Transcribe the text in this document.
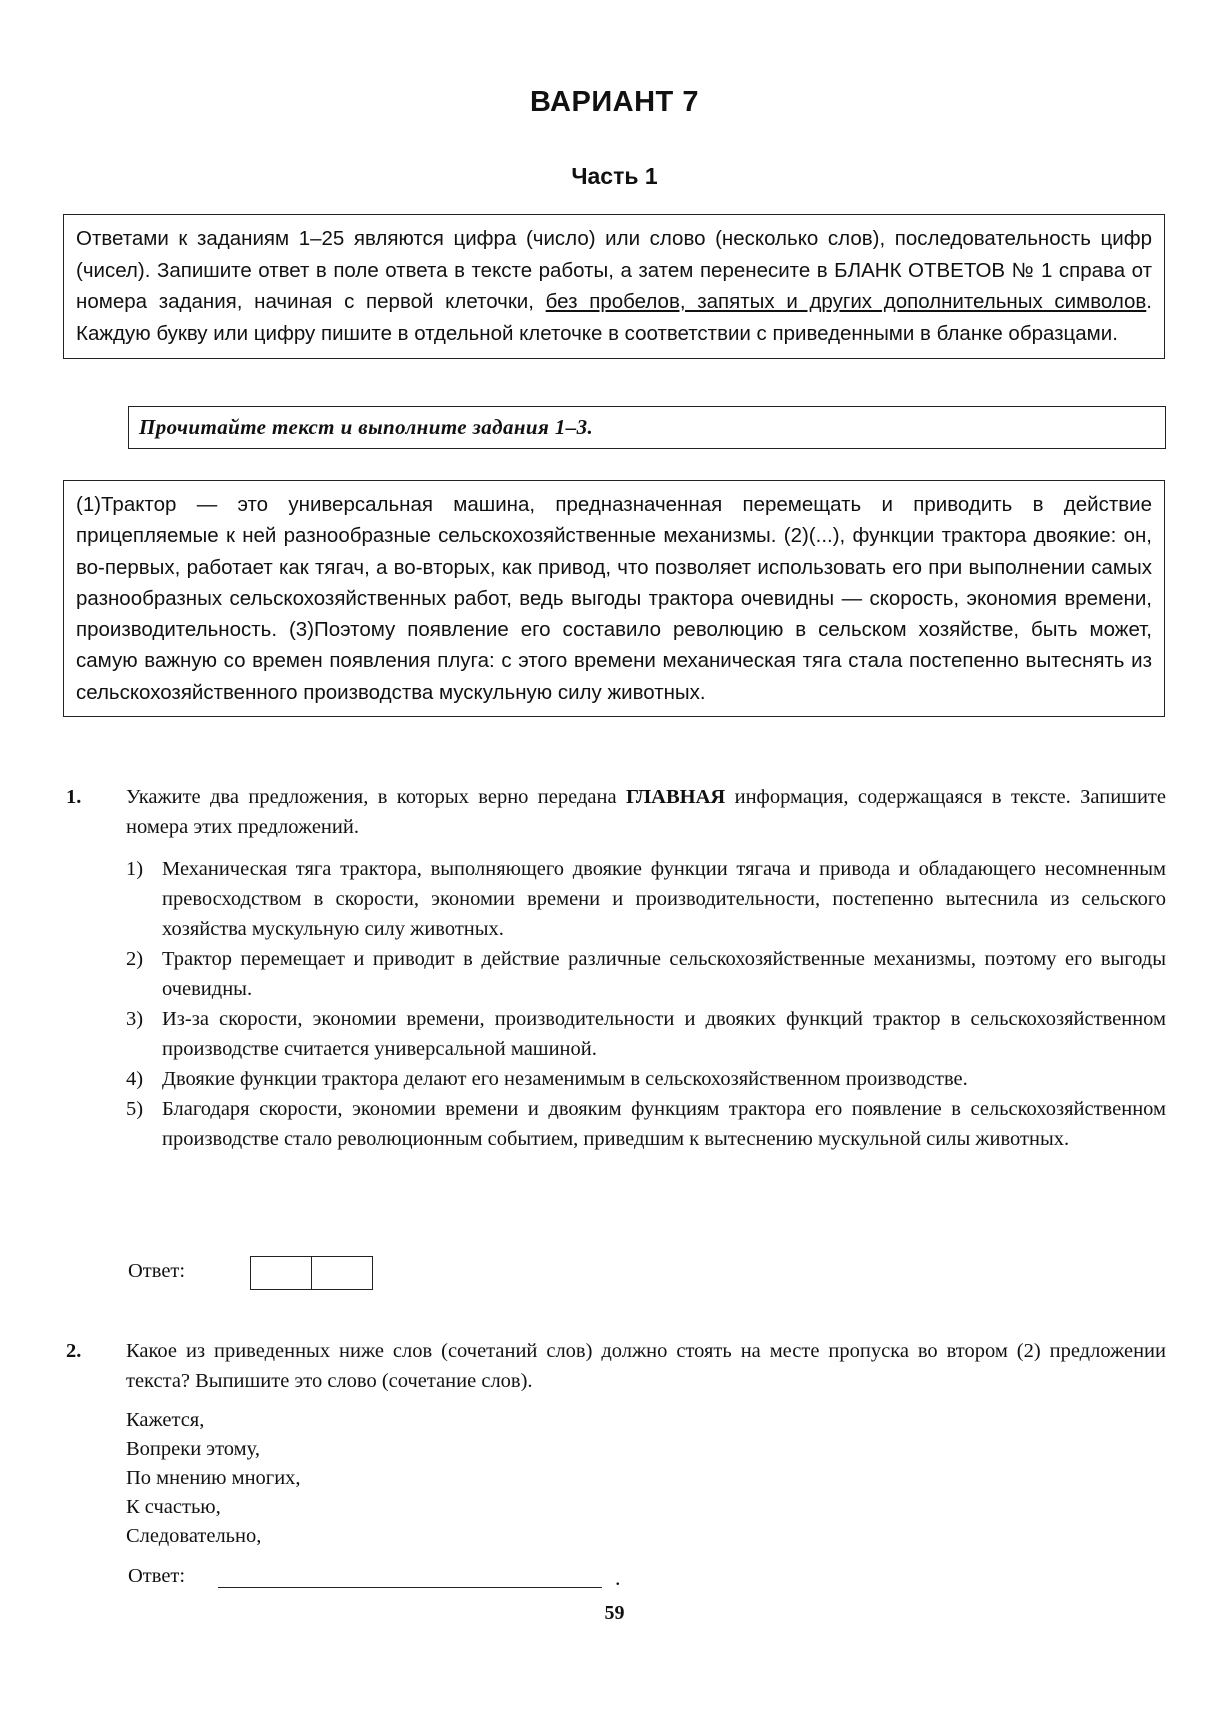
ВАРИАНТ 7
Часть 1
Ответами к заданиям 1–25 являются цифра (число) или слово (несколько слов), последовательность цифр (чисел). Запишите ответ в поле ответа в тексте работы, а затем перенесите в БЛАНК ОТВЕТОВ № 1 справа от номера задания, начиная с первой клеточки, без пробелов, запятых и других дополнительных символов. Каждую букву или цифру пишите в отдельной клеточке в соответствии с приведенными в бланке образцами.
Прочитайте текст и выполните задания 1–3.
(1)Трактор — это универсальная машина, предназначенная перемещать и приводить в действие прицепляемые к ней разнообразные сельскохозяйственные механизмы. (2)(...), функции трактора двоякие: он, во-первых, работает как тягач, а во-вторых, как привод, что позволяет использовать его при выполнении самых разнообразных сельскохозяйственных работ, ведь выгоды трактора очевидны — скорость, экономия времени, производительность. (3)Поэтому появление его составило революцию в сельском хозяйстве, быть может, самую важную со времен появления плуга: с этого времени механическая тяга стала постепенно вытеснять из сельскохозяйственного производства мускульную силу животных.
1. Укажите два предложения, в которых верно передана ГЛАВНАЯ информация, содержащаяся в тексте. Запишите номера этих предложений.
1) Механическая тяга трактора, выполняющего двоякие функции тягача и привода и обладающего несомненным превосходством в скорости, экономии времени и производительности, постепенно вытеснила из сельского хозяйства мускульную силу животных.
2) Трактор перемещает и приводит в действие различные сельскохозяйственные механизмы, поэтому его выгоды очевидны.
3) Из-за скорости, экономии времени, производительности и двояких функций трактор в сельскохозяйственном производстве считается универсальной машиной.
4) Двоякие функции трактора делают его незаменимым в сельскохозяйственном производстве.
5) Благодаря скорости, экономии времени и двояким функциям трактора его появление в сельскохозяйственном производстве стало революционным событием, приведшим к вытеснению мускульной силы животных.
Ответ:
2. Какое из приведенных ниже слов (сочетаний слов) должно стоять на месте пропуска во втором (2) предложении текста? Выпишите это слово (сочетание слов).
Кажется,
Вопреки этому,
По мнению многих,
К счастью,
Следовательно,
Ответ:	.
59
